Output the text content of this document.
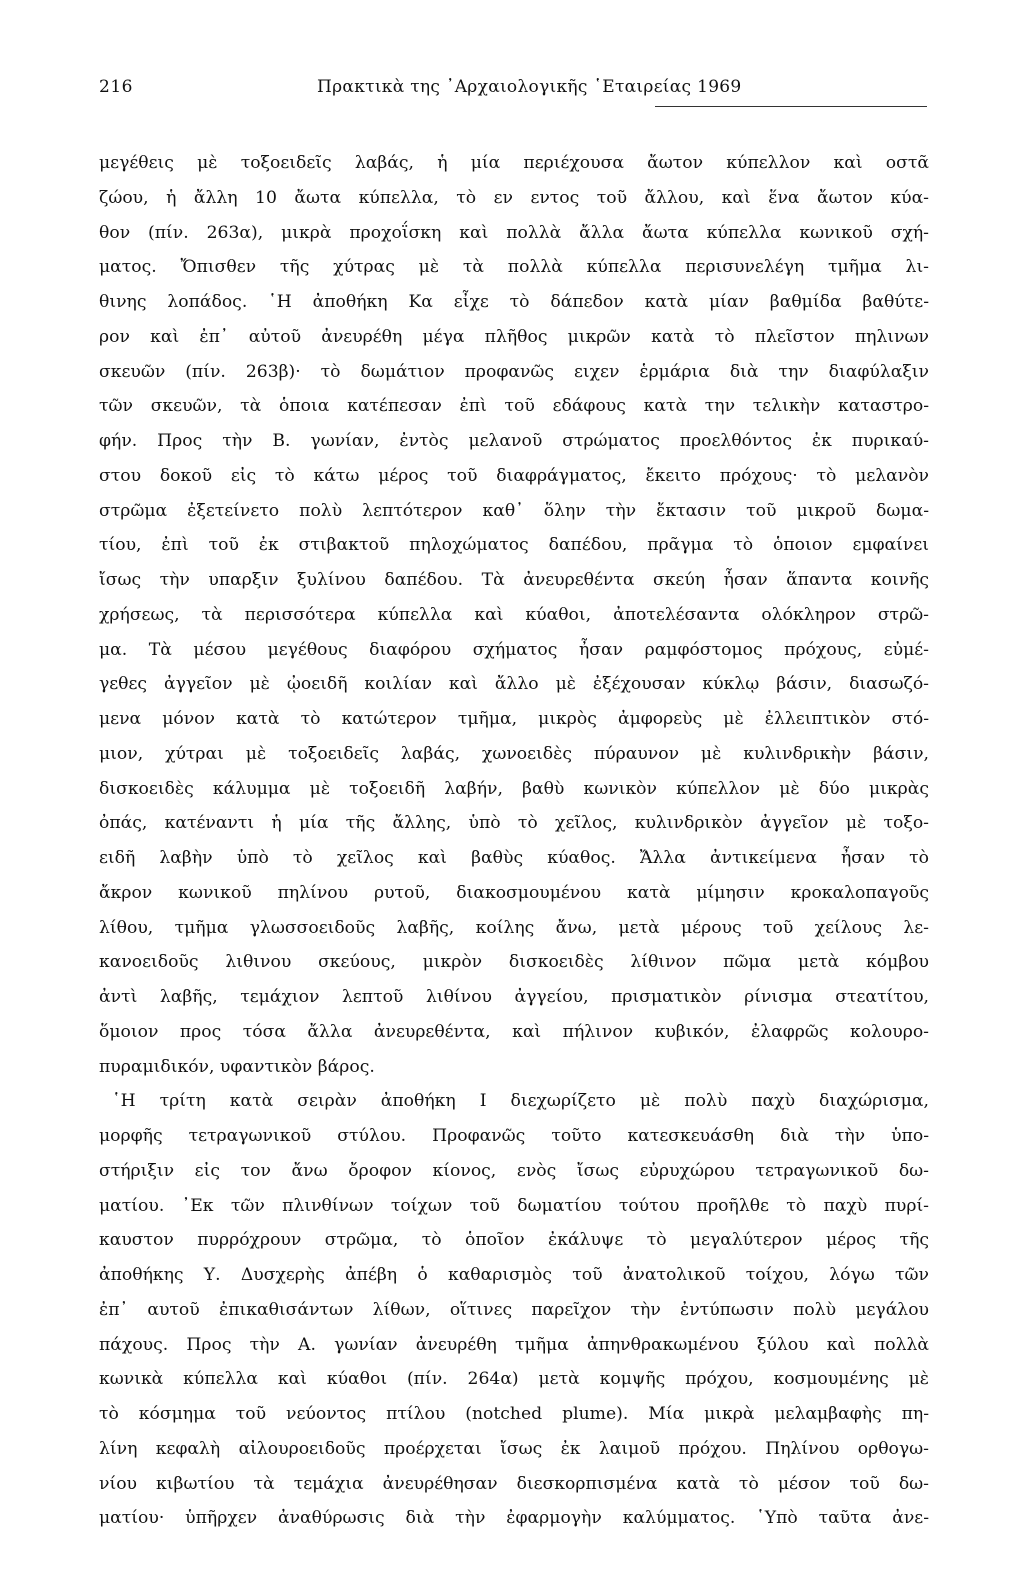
216	Πρακτικὰ της ᾿Αρχαιολογικῆς ῾Εταιρείας 1969
μεγέθεις μὲ τοξοειδεῖς λαβάς, ἡ μία περιέχουσα ἄωτον κύπελλον καὶ οστᾶ
ζώου, ἡ ἄλλη 10 ἄωτα κύπελλα, τὸ εν εντος τοῦ ἄλλου, καὶ ἕνα ἄωτον κύα-
θον (πίν. 263α), μικρὰ προχοΐσκη καὶ πολλὰ ἄλλα ἄωτα κύπελλα κωνικοῦ σχή-
ματος. Ὄπισθεν τῆς χύτρας μὲ τὰ πολλὰ κύπελλα περισυνελέγη τμῆμα λι-
θινης λοπάδος. ῾Η ἀποθήκη Κα εἶχε τὸ δάπεδον κατὰ μίαν βαθμίδα βαθύτε-
ρον καὶ ἐπ᾿ αὐτοῦ ἀνευρέθη μέγα πλῆθος μικρῶν κατὰ τὸ πλεῖστον πηλινων
σκευῶν (πίν. 263β)· τὸ δωμάτιον προφανῶς ειχεν ἑρμάρια διὰ την διαφύλαξιν
τῶν σκευῶν, τὰ ὁποια κατέπεσαν ἐπὶ τοῦ εδάφους κατὰ την τελικὴν καταστρο-
φήν. Προς τὴν Β. γωνίαν, ἐντὸς μελανοῦ στρώματος προελθόντος ἐκ πυρικαύ-
στου δοκοῦ εἰς τὸ κάτω μέρος τοῦ διαφράγματος, ἔκειτο πρόχους· τὸ μελανὸν
στρῶμα ἐξετείνετο πολὺ λεπτότερον καθ᾿ ὅλην τὴν ἔκτασιν τοῦ μικροῦ δωμα-
τίου, ἐπὶ τοῦ ἐκ στιβακτοῦ πηλοχώματος δαπέδου, πρᾶγμα τὸ ὁποιον εμφαίνει
ἴσως τὴν υπαρξιν ξυλίνου δαπέδου. Τὰ ἀνευρεθέντα σκεύη ἦσαν ἅπαντα κοινῆς
χρήσεως, τὰ περισσότερα κύπελλα καὶ κύαθοι, ἀποτελέσαντα ολόκληρον στρῶ-
μα. Τὰ μέσου μεγέθους διαφόρου σχήματος ἦσαν ραμφόστομος πρόχους, εὐμέ-
γεθες ἀγγεῖον μὲ ᾠοειδῆ κοιλίαν καὶ ἄλλο μὲ ἐξέχουσαν κύκλῳ βάσιν, διασωζό-
μενα μόνον κατὰ τὸ κατώτερον τμῆμα, μικρὸς ἀμφορεὺς μὲ ἐλλειπτικὸν στό-
μιον, χύτραι μὲ τοξοειδεῖς λαβάς, χωνοειδὲς πύραυνον μὲ κυλινδρικὴν βάσιν,
δισκοειδὲς κάλυμμα μὲ τοξοειδῆ λαβήν, βαθὺ κωνικὸν κύπελλον μὲ δύο μικρὰς
ὀπάς, κατέναντι ἡ μία τῆς ἄλλης, ὑπὸ τὸ χεῖλος, κυλινδρικὸν ἀγγεῖον μὲ τοξο-
ειδῆ λαβὴν ὑπὸ τὸ χεῖλος καὶ βαθὺς κύαθος. Ἄλλα ἀντικείμενα ἦσαν τὸ
ἄκρον κωνικοῦ πηλίνου ρυτοῦ, διακοσμουμένου κατὰ μίμησιν κροκαλοπαγοῦς
λίθου, τμῆμα γλωσσοειδοῦς λαβῆς, κοίλης ἄνω, μετὰ μέρους τοῦ χείλους λε-
κανοειδοῦς λιθινου σκεύους, μικρὸν δισκοειδὲς λίθινον πῶμα μετὰ κόμβου
ἀντὶ λαβῆς, τεμάχιον λεπτοῦ λιθίνου ἀγγείου, πρισματικὸν ρίνισμα στεατίτου,
ὅμοιον προς τόσα ἄλλα ἀνευρεθέντα, καὶ πήλινον κυβικόν, ἐλαφρῶς κολουρο-
πυραμιδικόν, υφαντικὸν βάρος.
῾Η τρίτη κατὰ σειρὰν ἀποθήκη Ι διεχωρίζετο μὲ πολὺ παχὺ διαχώρισμα,
μορφῆς τετραγωνικοῦ στύλου. Προφανῶς τοῦτο κατεσκευάσθη διὰ τὴν ὑπο-
στήριξιν εἰς τον ἄνω ὄροφον κίονος, ενὸς ἴσως εὐρυχώρου τετραγωνικοῦ δω-
ματίου. ᾿Εκ τῶν πλινθίνων τοίχων τοῦ δωματίου τούτου προῆλθε τὸ παχὺ πυρί-
καυστον πυρρόχρουν στρῶμα, τὸ ὁποῖον ἐκάλυψε τὸ μεγαλύτερον μέρος τῆς
ἀποθήκης Υ. Δυσχερὴς ἀπέβη ὁ καθαρισμὸς τοῦ ἀνατολικοῦ τοίχου, λόγω τῶν
ἐπ᾿ αυτοῦ ἐπικαθισάντων λίθων, οἵτινες παρεῖχον τὴν ἐντύπωσιν πολὺ μεγάλου
πάχους. Προς τὴν Α. γωνίαν ἀνευρέθη τμῆμα ἀπηνθρακωμένου ξύλου καὶ πολλὰ
κωνικὰ κύπελλα καὶ κύαθοι (πίν. 264α) μετὰ κομψῆς πρόχου, κοσμουμένης μὲ
τὸ κόσμημα τοῦ νεύοντος πτίλου (notched plume). Μία μικρὰ μελαμβαφὴς πη-
λίνη κεφαλὴ αἰλουροειδοῦς προέρχεται ἴσως ἐκ λαιμοῦ πρόχου. Πηλίνου ορθογω-
νίου κιβωτίου τὰ τεμάχια ἀνευρέθησαν διεσκορπισμένα κατὰ τὸ μέσον τοῦ δω-
ματίου· ὑπῆρχεν ἀναθύρωσις διὰ τὴν ἐφαρμογὴν καλύμματος. ῾Υπὸ ταῦτα ἀνε-
